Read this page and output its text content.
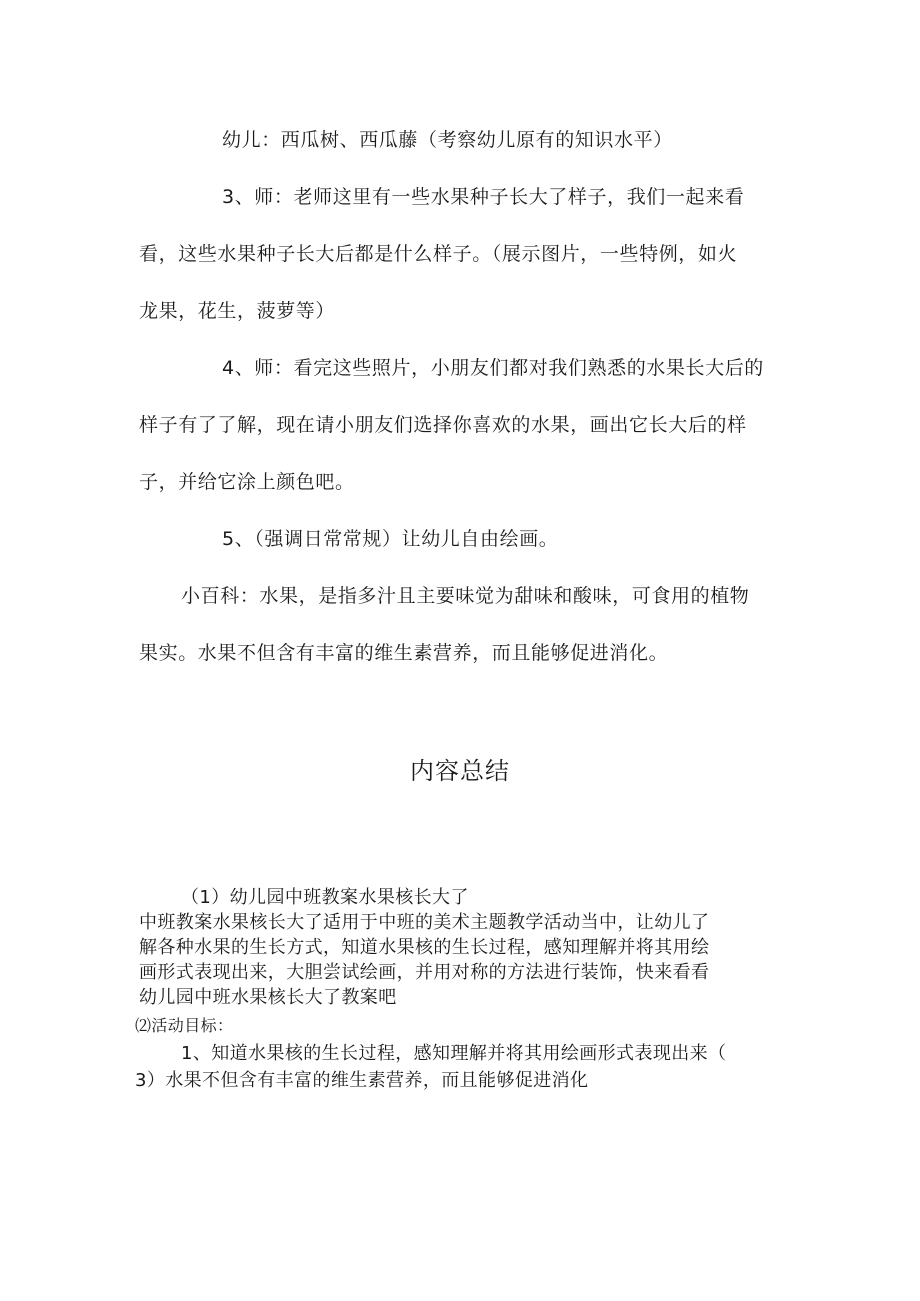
幼儿：西瓜树、西瓜藤（考察幼儿原有的知识水平）
3、师：老师这里有一些水果种子长大了样子，我们一起来看
看，这些水果种子长大后都是什么样子。（展示图片，一些特例，如火
龙果，花生，菠萝等）
4、师：看完这些照片，小朋友们都对我们熟悉的水果长大后的
样子有了了解，现在请小朋友们选择你喜欢的水果，画出它长大后的样
子，并给它涂上颜色吧。
5、（强调日常常规）让幼儿自由绘画。
小百科：水果，是指多汁且主要味觉为甜味和酸味，可食用的植物
果实。水果不但含有丰富的维生素营养，而且能够促进消化。
内容总结
（1）幼儿园中班教案水果核长大了
中班教案水果核长大了适用于中班的美术主题教学活动当中，让幼儿了
解各种水果的生长方式，知道水果核的生长过程，感知理解并将其用绘
画形式表现出来，大胆尝试绘画，并用对称的方法进行装饰，快来看看
幼儿园中班水果核长大了教案吧
⑵活动目标：
1、知道水果核的生长过程，感知理解并将其用绘画形式表现出来（
3）水果不但含有丰富的维生素营养，而且能够促进消化
